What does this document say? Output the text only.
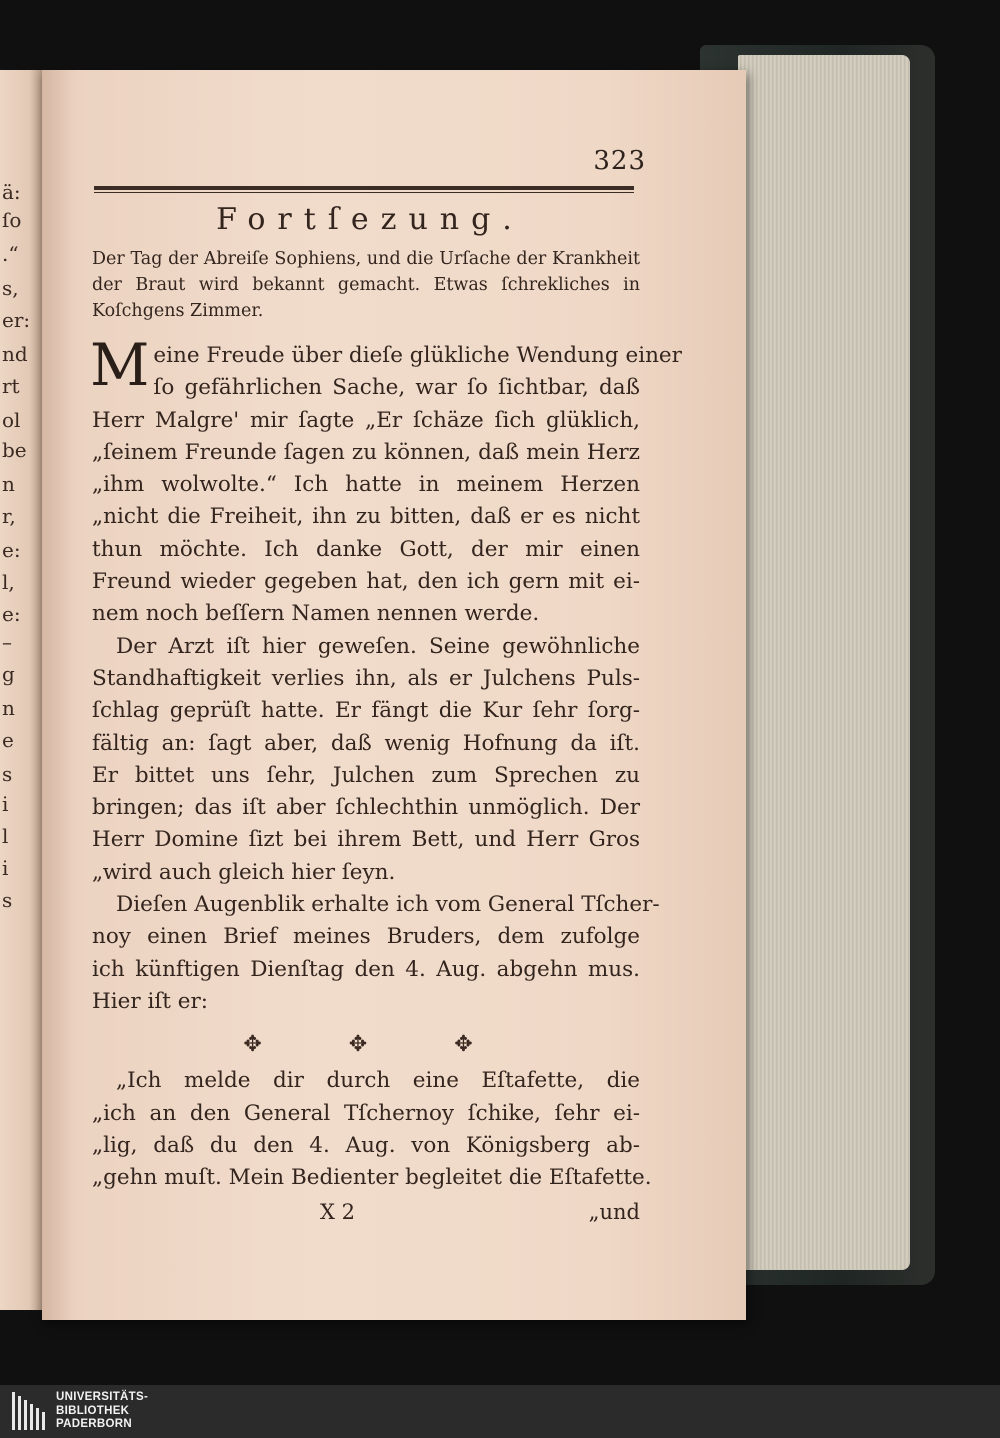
ä:
ſo
.“
s,
er:
nd
rt
ol
be
n
r,
e:
l,
e:
–
g
n
e
s
i
l
i
s
323
Fortſezung.
Der Tag der Abreiſe Sophiens, und die Urſache der Krankheit der Braut wird bekannt gemacht. Etwas ſchrekliches in Koſchgens Zimmer.
Meine Freude über dieſe glükliche Wendung einer
ſo gefährlichen Sache, war ſo ſichtbar, daß
Herr Malgre' mir ſagte „Er ſchäze ſich glüklich,
„ſeinem Freunde ſagen zu können, daß mein Herz
„ihm wolwolte.“ Ich hatte in meinem Herzen
„nicht die Freiheit, ihn zu bitten, daß er es nicht
thun möchte. Ich danke Gott, der mir einen
Freund wieder gegeben hat, den ich gern mit ei-
nem noch beſſern Namen nennen werde.
Der Arzt iſt hier geweſen. Seine gewöhnliche
Standhaftigkeit verlies ihn, als er Julchens Puls-
ſchlag geprüſt hatte. Er fängt die Kur ſehr ſorg-
fältig an: ſagt aber, daß wenig Hofnung da iſt.
Er bittet uns ſehr, Julchen zum Sprechen zu
bringen; das iſt aber ſchlechthin unmöglich. Der
Herr Domine ſizt bei ihrem Bett, und Herr Gros
„wird auch gleich hier ſeyn.
Dieſen Augenblik erhalte ich vom General Tſcher-
noy einen Brief meines Bruders, dem zufolge
ich künftigen Dienſtag den 4. Aug. abgehn mus.
Hier iſt er:
✥ ✥ ✥
„Ich melde dir durch eine Eſtafette, die
„ich an den General Tſchernoy ſchike, ſehr ei-
„lig, daß du den 4. Aug. von Königsberg ab-
„gehn muſt. Mein Bedienter begleitet die Eſtafette.
X 2	„und
UNIVERSITÄTS-
BIBLIOTHEK
PADERBORN
